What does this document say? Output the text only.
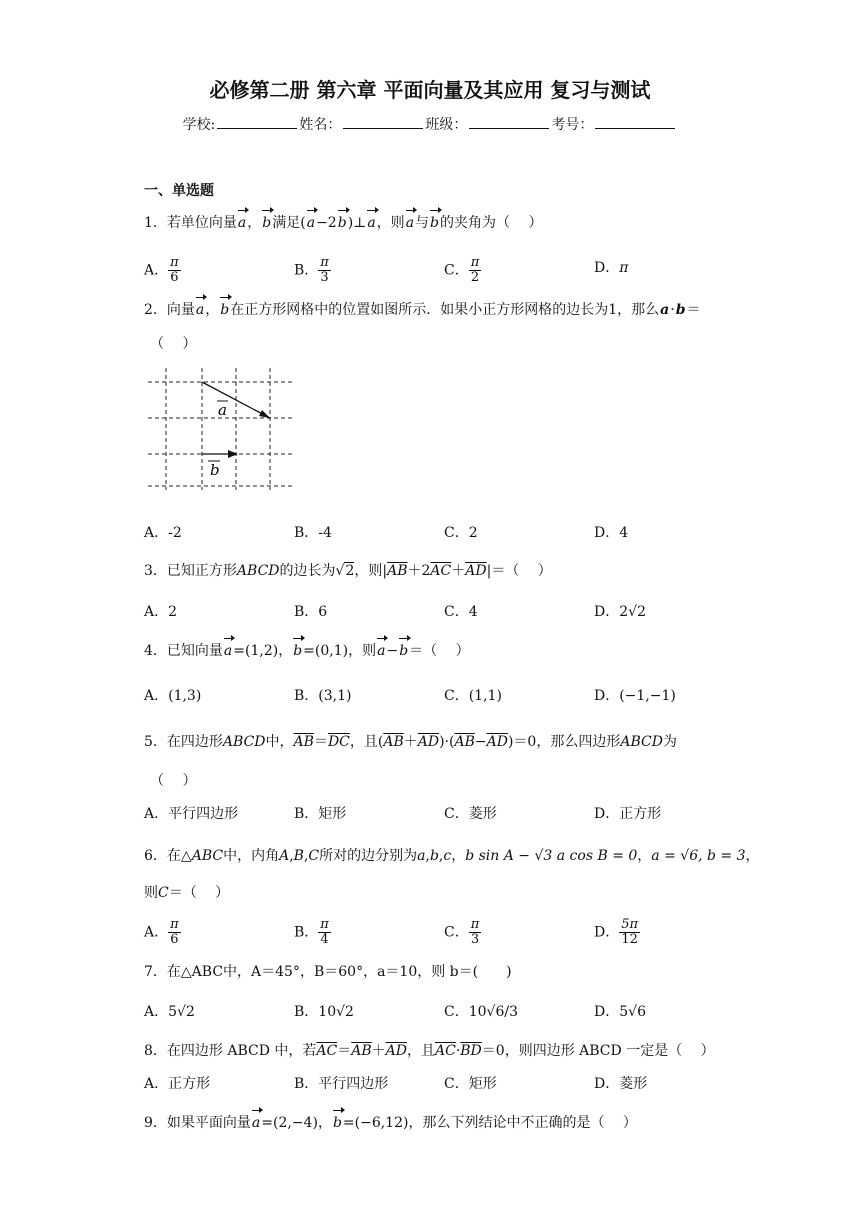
必修第二册 第六章 平面向量及其应用 复习与测试
学校:	姓名：	班级：	考号：
一、单选题
1．若单位向量a，b满足(a−2b)⊥a，则a与b的夹角为（　 ）
A． $\frac{\pi}{6}$	B． $\frac{\pi}{3}$	C． $\frac{\pi}{2}$	D．π
2．向量a，b在正方形网格中的位置如图所示．如果小正方形网格的边长为1，那么a·b＝
（　 ）
a
b
A．-2	B．-4	C．2	D．4
3．已知正方形ABCD的边长为√2，则$|\overline{AB}+2\overline{AC}+\overline{AD}|=$（　 ）
A．2	B．6	C．4	D．2√2
4．已知向量a=(1,2)，b=(0,1)，则a−b＝（　 ）
A．(1,3)	B．(3,1)	C．(1,1)	D．(−1,−1)
5．在四边形ABCD中，$\overline{AB}=\overline{DC}$，且$(\overline{AB}+\overline{AD})\cdot(\overline{AB}-\overline{AD})=0$，那么四边形ABCD为
（　 ）
A．平行四边形	B．矩形	C．菱形	D．正方形
6．在△ABC中，内角A,B,C所对的边分别为a,b,c，b sin A − √3 a cos B = 0，a = √6, b = 3，
则C＝（　 ）
A． $\frac{\pi}{6}$	B． $\frac{\pi}{4}$	C． $\frac{\pi}{3}$	D． $\frac{5\pi}{12}$
7．在△ABC中，A＝45°，B＝60°，a＝10，则 b＝(　　)
A．5√2	B．10√2	C．10√6/3	D．5√6
8．在四边形 ABCD 中，若$\overline{AC}=\overline{AB}+\overline{AD}$，且$\overline{AC}\cdot\overline{BD}=0$，则四边形 ABCD 一定是（　 ）
A．正方形	B．平行四边形	C．矩形	D．菱形
9．如果平面向量a=(2,−4)，b=(−6,12)，那么下列结论中不正确的是（　 ）
